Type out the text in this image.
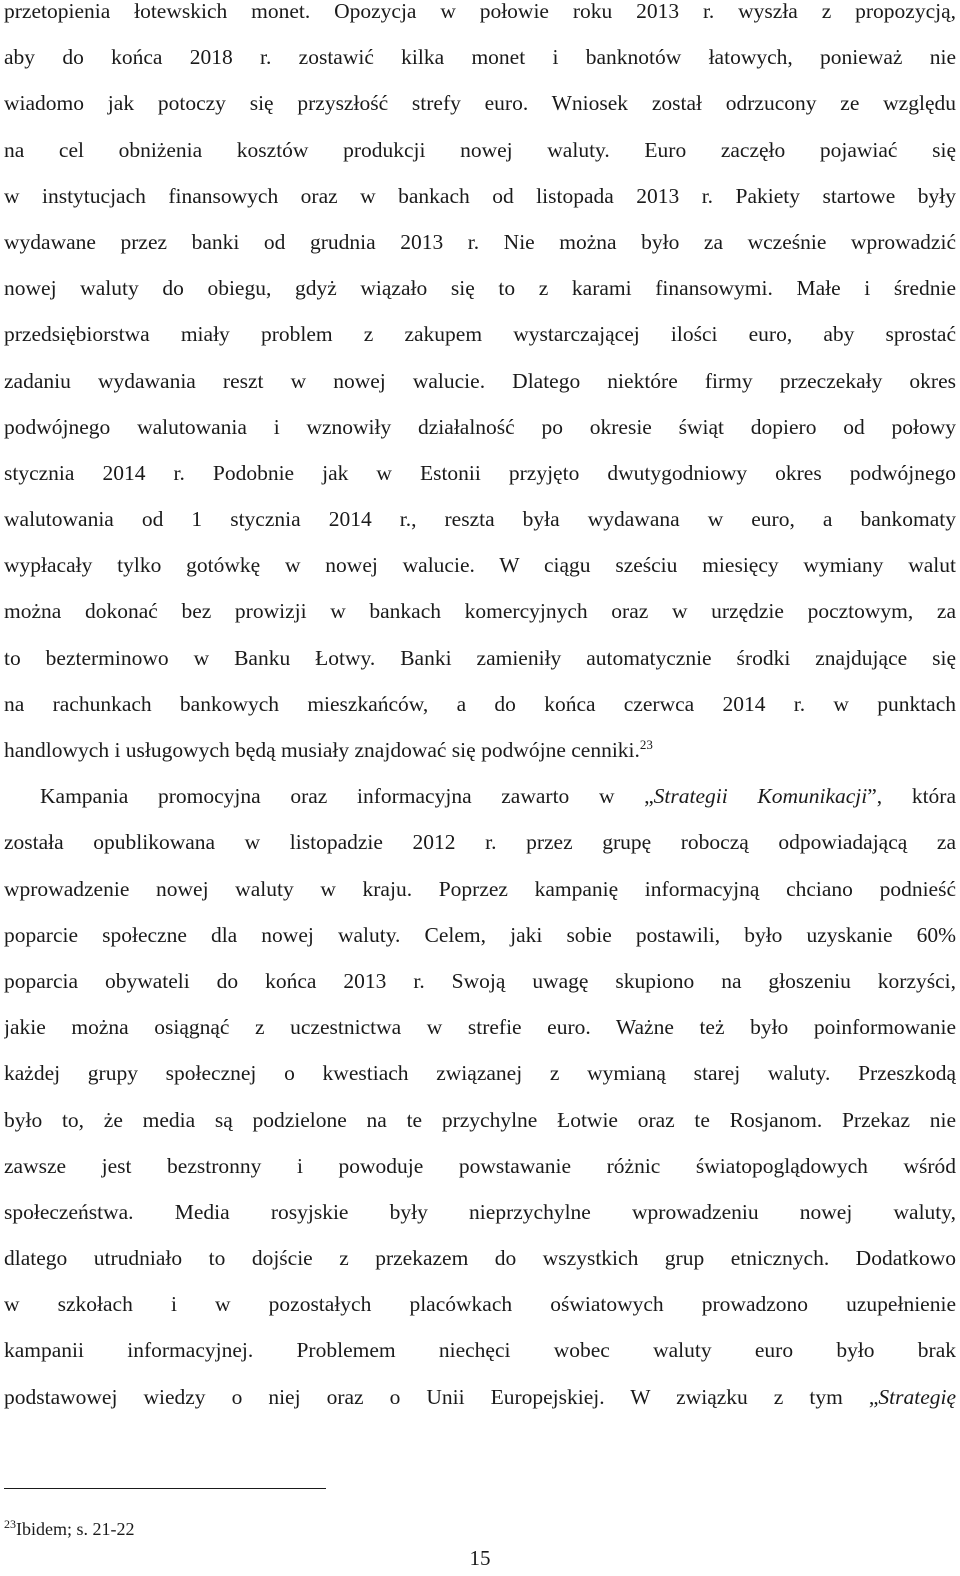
przetopienia łotewskich monet. Opozycja w połowie roku 2013 r. wyszła z propozycją,
aby do końca 2018 r. zostawić kilka monet i banknotów łatowych, ponieważ nie
wiadomo jak potoczy się przyszłość strefy euro. Wniosek został odrzucony ze względu
na cel obniżenia kosztów produkcji nowej waluty. Euro zaczęło pojawiać się
w instytucjach finansowych oraz w bankach od listopada 2013 r. Pakiety startowe były
wydawane przez banki od grudnia 2013 r. Nie można było za wcześnie wprowadzić
nowej waluty do obiegu, gdyż wiązało się to z karami finansowymi. Małe i średnie
przedsiębiorstwa miały problem z zakupem wystarczającej ilości euro, aby sprostać
zadaniu wydawania reszt w nowej walucie. Dlatego niektóre firmy przeczekały okres
podwójnego walutowania i wznowiły działalność po okresie świąt dopiero od połowy
stycznia 2014 r. Podobnie jak w Estonii przyjęto dwutygodniowy okres podwójnego
walutowania od 1 stycznia 2014 r., reszta była wydawana w euro, a bankomaty
wypłacały tylko gotówkę w nowej walucie. W ciągu sześciu miesięcy wymiany walut
można dokonać bez prowizji w bankach komercyjnych oraz w urzędzie pocztowym, za
to bezterminowo w Banku Łotwy. Banki zamieniły automatycznie środki znajdujące się
na rachunkach bankowych mieszkańców, a do końca czerwca 2014 r. w punktach
handlowych i usługowych będą musiały znajdować się podwójne cenniki.$^{23}$
Kampania promocyjna oraz informacyjna zawarto w „Strategii Komunikacji”, która
została opublikowana w listopadzie 2012 r. przez grupę roboczą odpowiadającą za
wprowadzenie nowej waluty w kraju. Poprzez kampanię informacyjną chciano podnieść
poparcie społeczne dla nowej waluty. Celem, jaki sobie postawili, było uzyskanie 60%
poparcia obywateli do końca 2013 r. Swoją uwagę skupiono na głoszeniu korzyści,
jakie można osiągnąć z uczestnictwa w strefie euro. Ważne też było poinformowanie
każdej grupy społecznej o kwestiach związanej z wymianą starej waluty. Przeszkodą
było to, że media są podzielone na te przychylne Łotwie oraz te Rosjanom. Przekaz nie
zawsze jest bezstronny i powoduje powstawanie różnic światopoglądowych wśród
społeczeństwa. Media rosyjskie były nieprzychylne wprowadzeniu nowej waluty,
dlatego utrudniało to dojście z przekazem do wszystkich grup etnicznych. Dodatkowo
w szkołach i w pozostałych placówkach oświatowych prowadzono uzupełnienie
kampanii informacyjnej. Problemem niechęci wobec waluty euro było brak
podstawowej wiedzy o niej oraz o Unii Europejskiej. W związku z tym „Strategię
$^{23}$Ibidem; s. 21-22
15
